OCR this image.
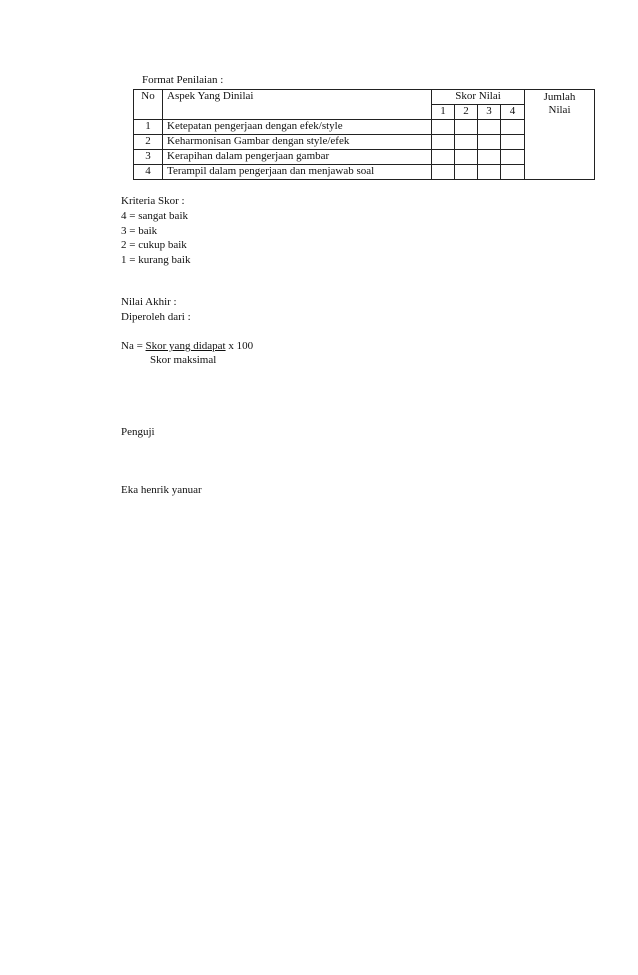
Format Penilaian :
No	Aspek Yang Dinilai	Skor Nilai				Jumlah
Nilai

		1	2	3	4	
1	Ketepatan pengerjaan dengan efek/style					
2	Keharmonisan Gambar dengan style/efek					
3	Kerapihan dalam pengerjaan gambar					
4	Terampil dalam pengerjaan dan menjawab soal					
Kriteria Skor :
4 = sangat baik
3 = baik
2 = cukup baik
1 = kurang baik
Nilai Akhir :
Diperoleh dari :
Na = Skor yang didapat x 100
Skor maksimal
Penguji
Eka henrik yanuar
